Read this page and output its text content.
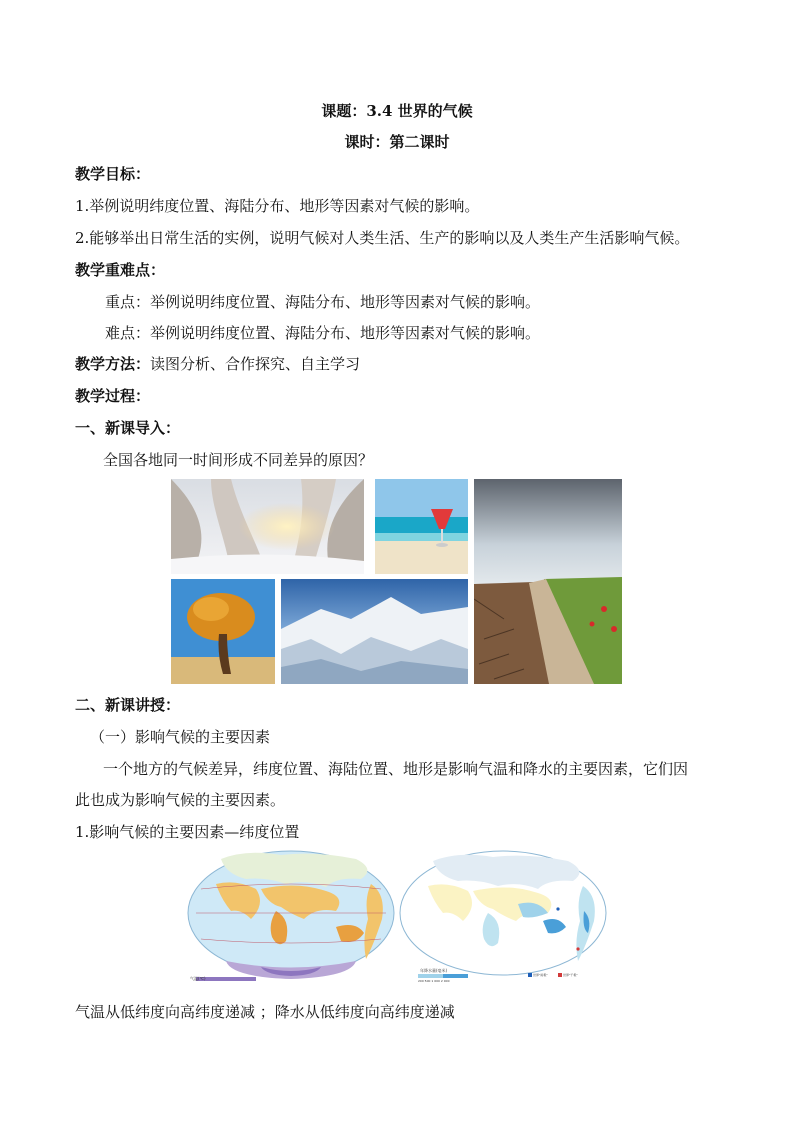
课题：3.4 世界的气候
课时：第二课时
教学目标：
1.举例说明纬度位置、海陆分布、地形等因素对气候的影响。
2.能够举出日常生活的实例，说明气候对人类生活、生产的影响以及人类生产生活影响气候。
教学重难点：
重点：举例说明纬度位置、海陆分布、地形等因素对气候的影响。
难点：举例说明纬度位置、海陆分布、地形等因素对气候的影响。
教学方法：读图分析、合作探究、自主学习
教学过程：
一、新课导入：
全国各地同一时间形成不同差异的原因？
二、新课讲授：
（一）影响气候的主要因素
一个地方的气候差异，纬度位置、海陆位置、地形是影响气温和降水的主要因素，它们因
此也成为影响气候的主要因素。
1.影响气候的主要因素—纬度位置
气温(℃)
年降水量(毫米)
200 500 1 000 2 000
世界"雨极"	世界"干极"
气温从低纬度向高纬度递减 ；降水从低纬度向高纬度递减
